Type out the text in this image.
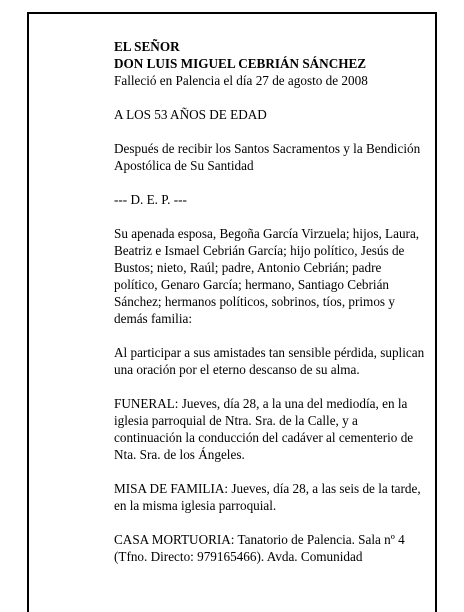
EL SEÑOR

DON LUIS MIGUEL CEBRIÁN SÁNCHEZ

Falleció en Palencia el día 27 de agosto de 2008

A LOS 53 AÑOS DE EDAD

Después de recibir los Santos Sacramentos y la Bendición Apostólica de Su Santidad

--- D. E. P. ---

Su apenada esposa, Begoña García Virzuela; hijos, Laura, Beatriz e Ismael Cebrián García; hijo político, Jesús de Bustos; nieto, Raúl; padre, Antonio Cebrián; padre político, Genaro García; hermano, Santiago Cebrián Sánchez; hermanos políticos, sobrinos, tíos, primos y demás familia:

Al participar a sus amistades tan sensible pérdida, suplican una oración por el eterno descanso de su alma.

FUNERAL: Jueves, día 28, a la una del mediodía, en la iglesia parroquial de Ntra. Sra. de la Calle, y a continuación la conducción del cadáver al cementerio de Nta. Sra. de los Ángeles.

MISA DE FAMILIA: Jueves, día 28, a las seis de la tarde, en la misma iglesia parroquial.

CASA MORTUORIA: Tanatorio de Palencia. Sala nº 4 (Tfno. Directo: 979165466). Avda. Comunidad
